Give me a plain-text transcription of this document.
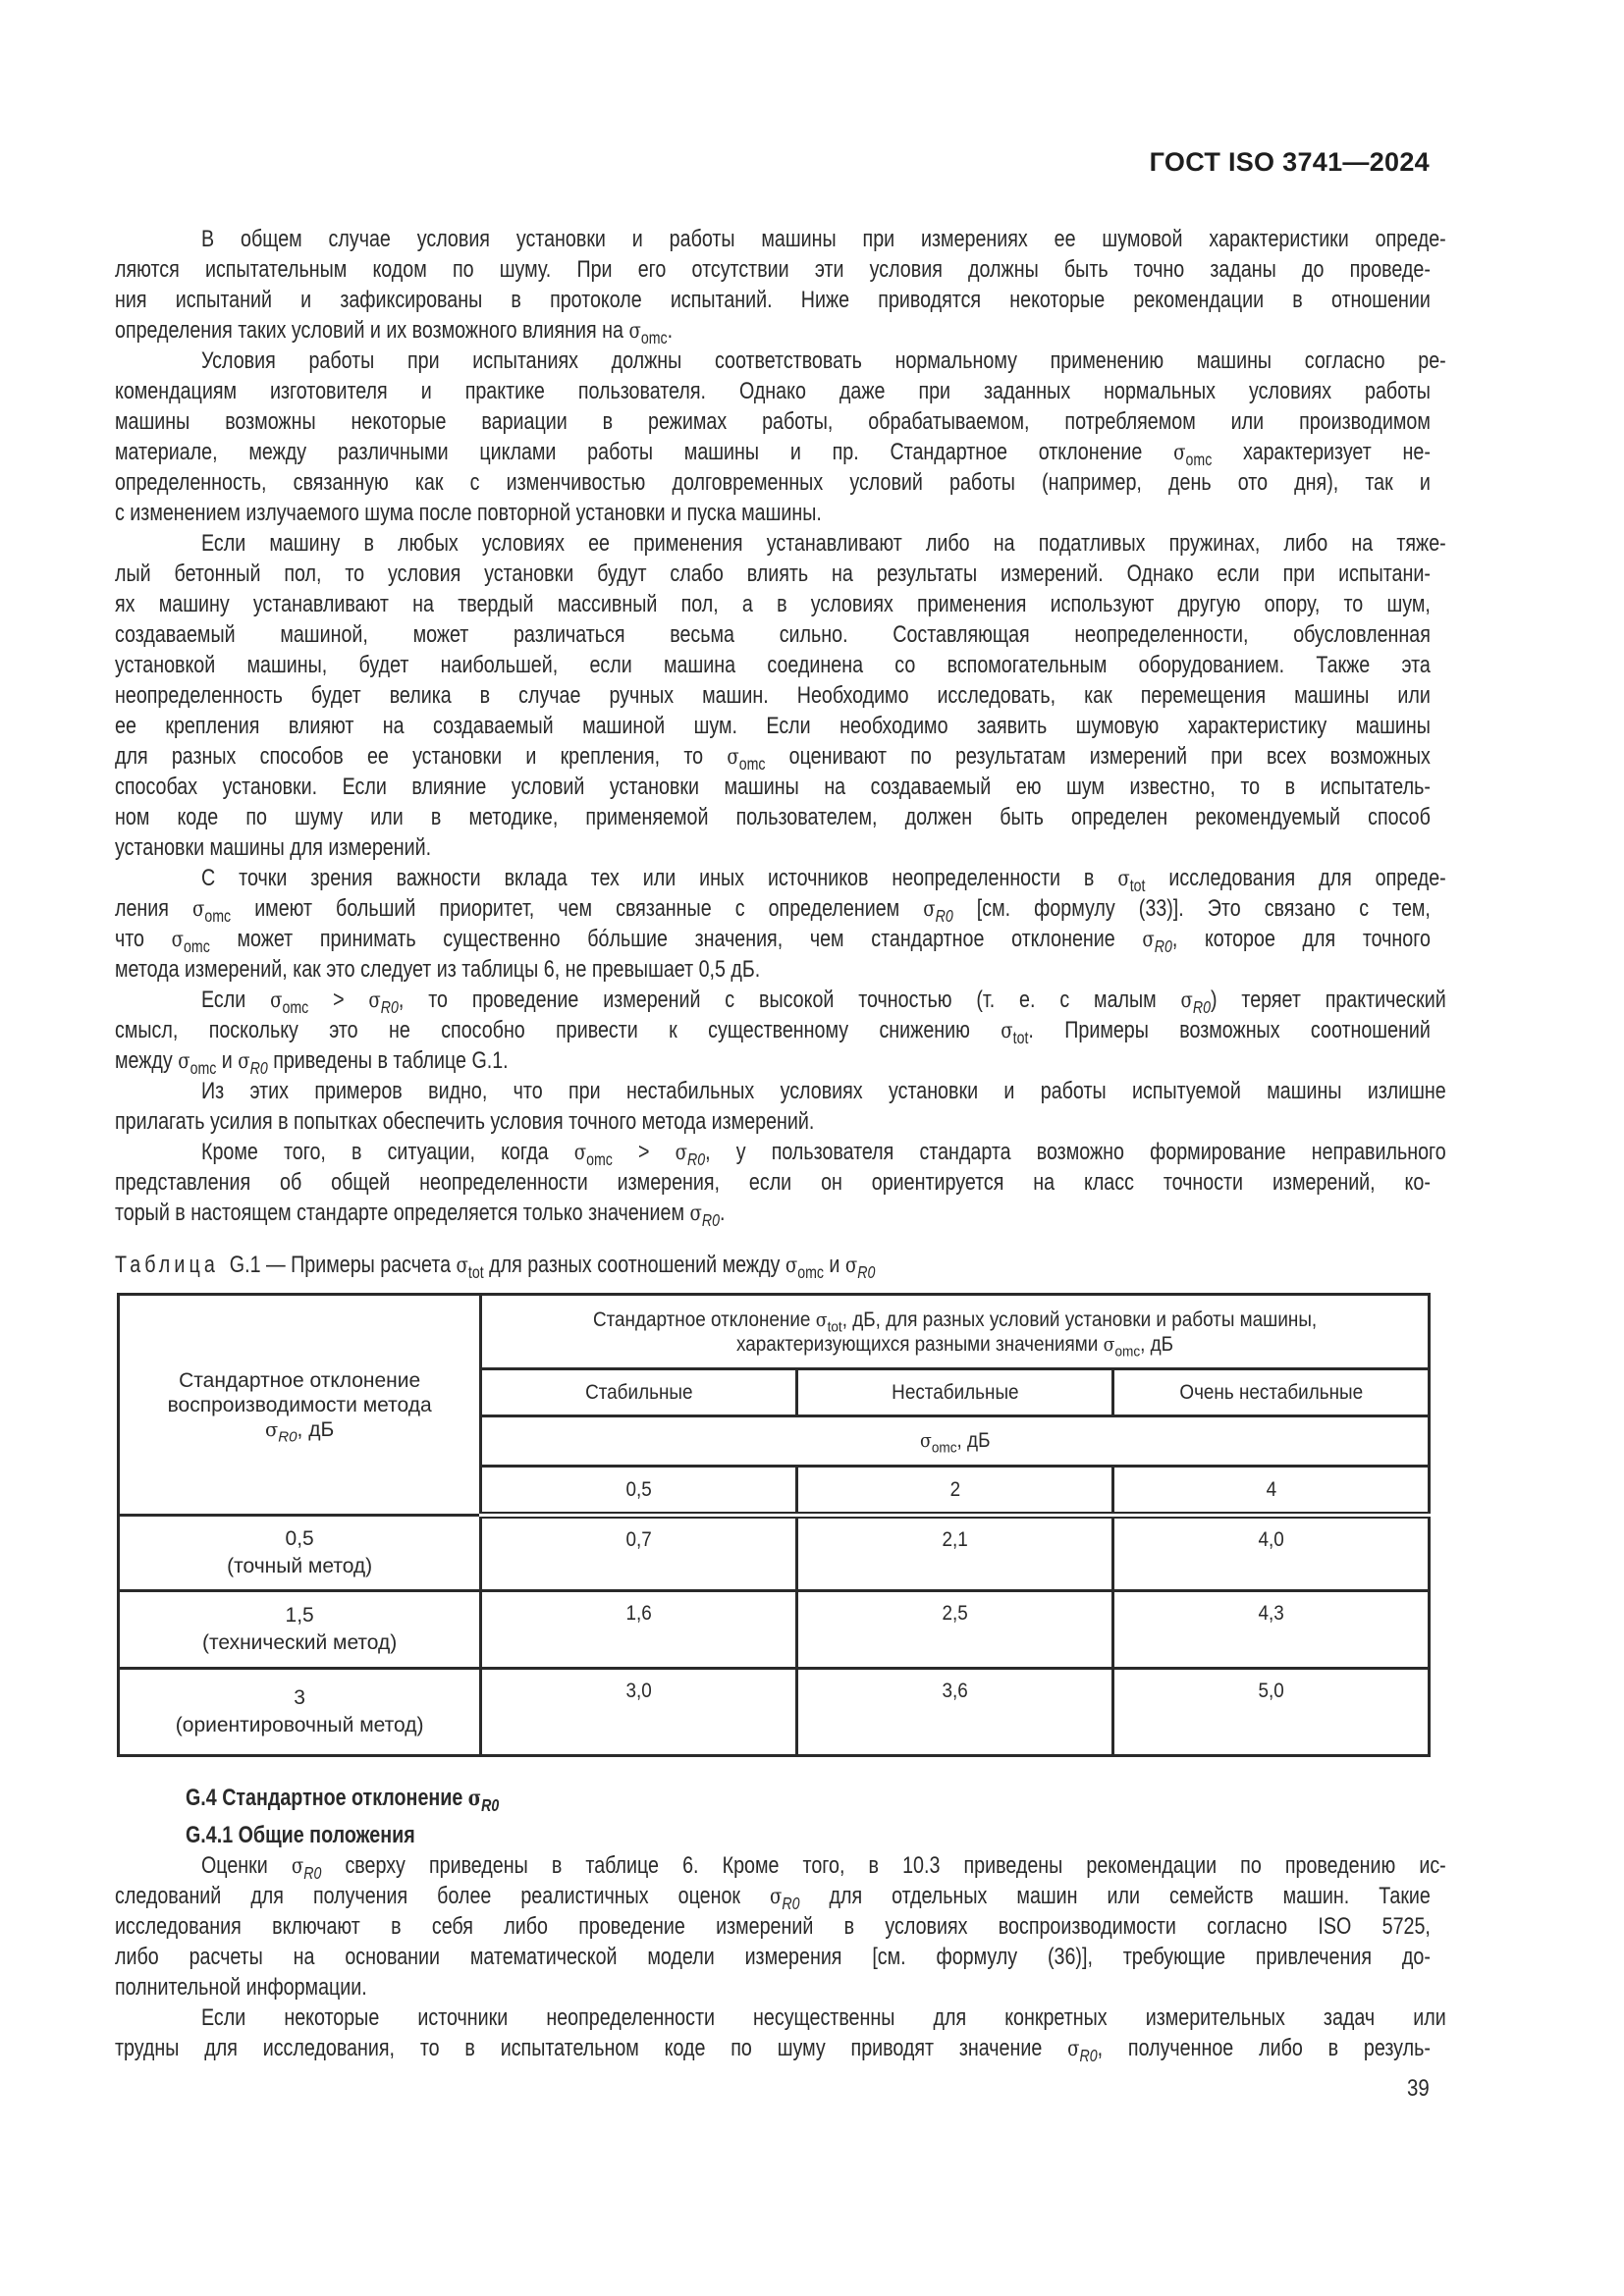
ГОСТ ISO 3741—2024
В общем случае условия установки и работы машины при измерениях ее шумовой характеристики опреде-
ляются испытательным кодом по шуму. При его отсутствии эти условия должны быть точно заданы до проведе-
ния испытаний и зафиксированы в протоколе испытаний. Ниже приводятся некоторые рекомендации в отношении
определения таких условий и их возможного влияния на $\sigma_{omc}$.
Условия работы при испытаниях должны соответствовать нормальному применению машины согласно ре-
комендациям изготовителя и практике пользователя. Однако даже при заданных нормальных условиях работы
машины возможны некоторые вариации в режимах работы, обрабатываемом, потребляемом или производимом
материале, между различными циклами работы машины и пр. Стандартное отклонение $\sigma_{omc}$ характеризует не-
определенность, связанную как с изменчивостью долговременных условий работы (например, день ото дня), так и
с изменением излучаемого шума после повторной установки и пуска машины.
Если машину в любых условиях ее применения устанавливают либо на податливых пружинах, либо на тяже-
лый бетонный пол, то условия установки будут слабо влиять на результаты измерений. Однако если при испытани-
ях машину устанавливают на твердый массивный пол, а в условиях применения используют другую опору, то шум,
создаваемый машиной, может различаться весьма сильно. Составляющая неопределенности, обусловленная
установкой машины, будет наибольшей, если машина соединена со вспомогательным оборудованием. Также эта
неопределенность будет велика в случае ручных машин. Необходимо исследовать, как перемещения машины или
ее крепления влияют на создаваемый машиной шум. Если необходимо заявить шумовую характеристику машины
для разных способов ее установки и крепления, то $\sigma_{omc}$ оценивают по результатам измерений при всех возможных
способах установки. Если влияние условий установки машины на создаваемый ею шум известно, то в испытатель-
ном коде по шуму или в методике, применяемой пользователем, должен быть определен рекомендуемый способ
установки машины для измерений.
С точки зрения важности вклада тех или иных источников неопределенности в $\sigma_{tot}$ исследования для опреде-
ления $\sigma_{omc}$ имеют больший приоритет, чем связанные с определением $\sigma_{R0}$ [см. формулу (33)]. Это связано с тем,
что $\sigma_{omc}$ может принимать существенно бóльшие значения, чем стандартное отклонение $\sigma_{R0}$, которое для точного
метода измерений, как это следует из таблицы 6, не превышает 0,5 дБ.
Если $\sigma_{omc} > \sigma_{R0}$, то проведение измерений с высокой точностью (т. е. с малым $\sigma_{R0}$) теряет практический
смысл, поскольку это не способно привести к существенному снижению $\sigma_{tot}$. Примеры возможных соотношений
между $\sigma_{omc}$ и $\sigma_{R0}$ приведены в таблице G.1.
Из этих примеров видно, что при нестабильных условиях установки и работы испытуемой машины излишне
прилагать усилия в попытках обеспечить условия точного метода измерений.
Кроме того, в ситуации, когда $\sigma_{omc} > \sigma_{R0}$, у пользователя стандарта возможно формирование неправильного
представления об общей неопределенности измерения, если он ориентируется на класс точности измерений, ко-
торый в настоящем стандарте определяется только значением $\sigma_{R0}$.
Таблица G.1 — Примеры расчета $\sigma_{tot}$ для разных соотношений между $\sigma_{omc}$ и $\sigma_{R0}$
Стандартное отклонение
воспроизводимости метода
$\sigma_{R0}$, дБ	Стандартное отклонение $\sigma_{tot}$, дБ, для разных условий установки и работы машины,
характеризующихся разными значениями $\sigma_{omc}$, дБ		
	Стабильные	Нестабильные	Очень нестабильные
	$\sigma_{omc}$, дБ		
	0,5	2	4
0,5
(точный метод)	0,7	2,1	4,0
1,5
(технический метод)	1,6	2,5	4,3
3
(ориентировочный метод)	3,0	3,6	5,0
G.4 Стандартное отклонение $\sigma_{R0}$
G.4.1 Общие положения
Оценки $\sigma_{R0}$ сверху приведены в таблице 6. Кроме того, в 10.3 приведены рекомендации по проведению ис-
следований для получения более реалистичных оценок $\sigma_{R0}$ для отдельных машин или семейств машин. Такие
исследования включают в себя либо проведение измерений в условиях воспроизводимости согласно ISO 5725,
либо расчеты на основании математической модели измерения [см. формулу (36)], требующие привлечения до-
полнительной информации.
Если некоторые источники неопределенности несущественны для конкретных измерительных задач или
трудны для исследования, то в испытательном коде по шуму приводят значение $\sigma_{R0}$, полученное либо в резуль-
39
